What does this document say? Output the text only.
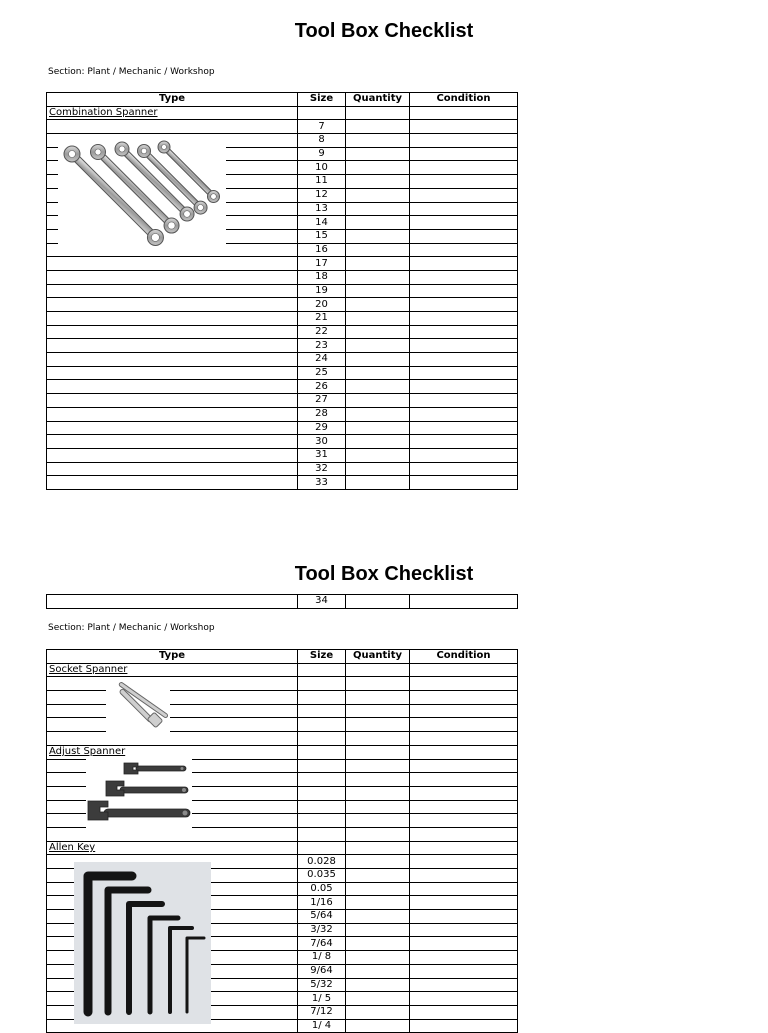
Tool Box Checklist
Section: Plant / Mechanic / Workshop
Type	Size	Quantity	Condition
Combination Spanner			
	7		
	8		
	9		
	10		
	11		
	12		
	13		
	14		
	15		
	16		
	17		
	18		
	19		
	20		
	21		
	22		
	23		
	24		
	25		
	26		
	27		
	28		
	29		
	30		
	31		
	32		
	33		
Tool Box Checklist
	34		
Section: Plant / Mechanic / Workshop
Type	Size	Quantity	Condition
Socket Spanner			

Adjust Spanner			

Allen Key			
	0.028		
	0.035		
	0.05		
	1/16		
	5/64		
	3/32		
	7/64		
	1/ 8		
	9/64		
	5/32		
	1/ 5		
	7/12		
	1/ 4		
